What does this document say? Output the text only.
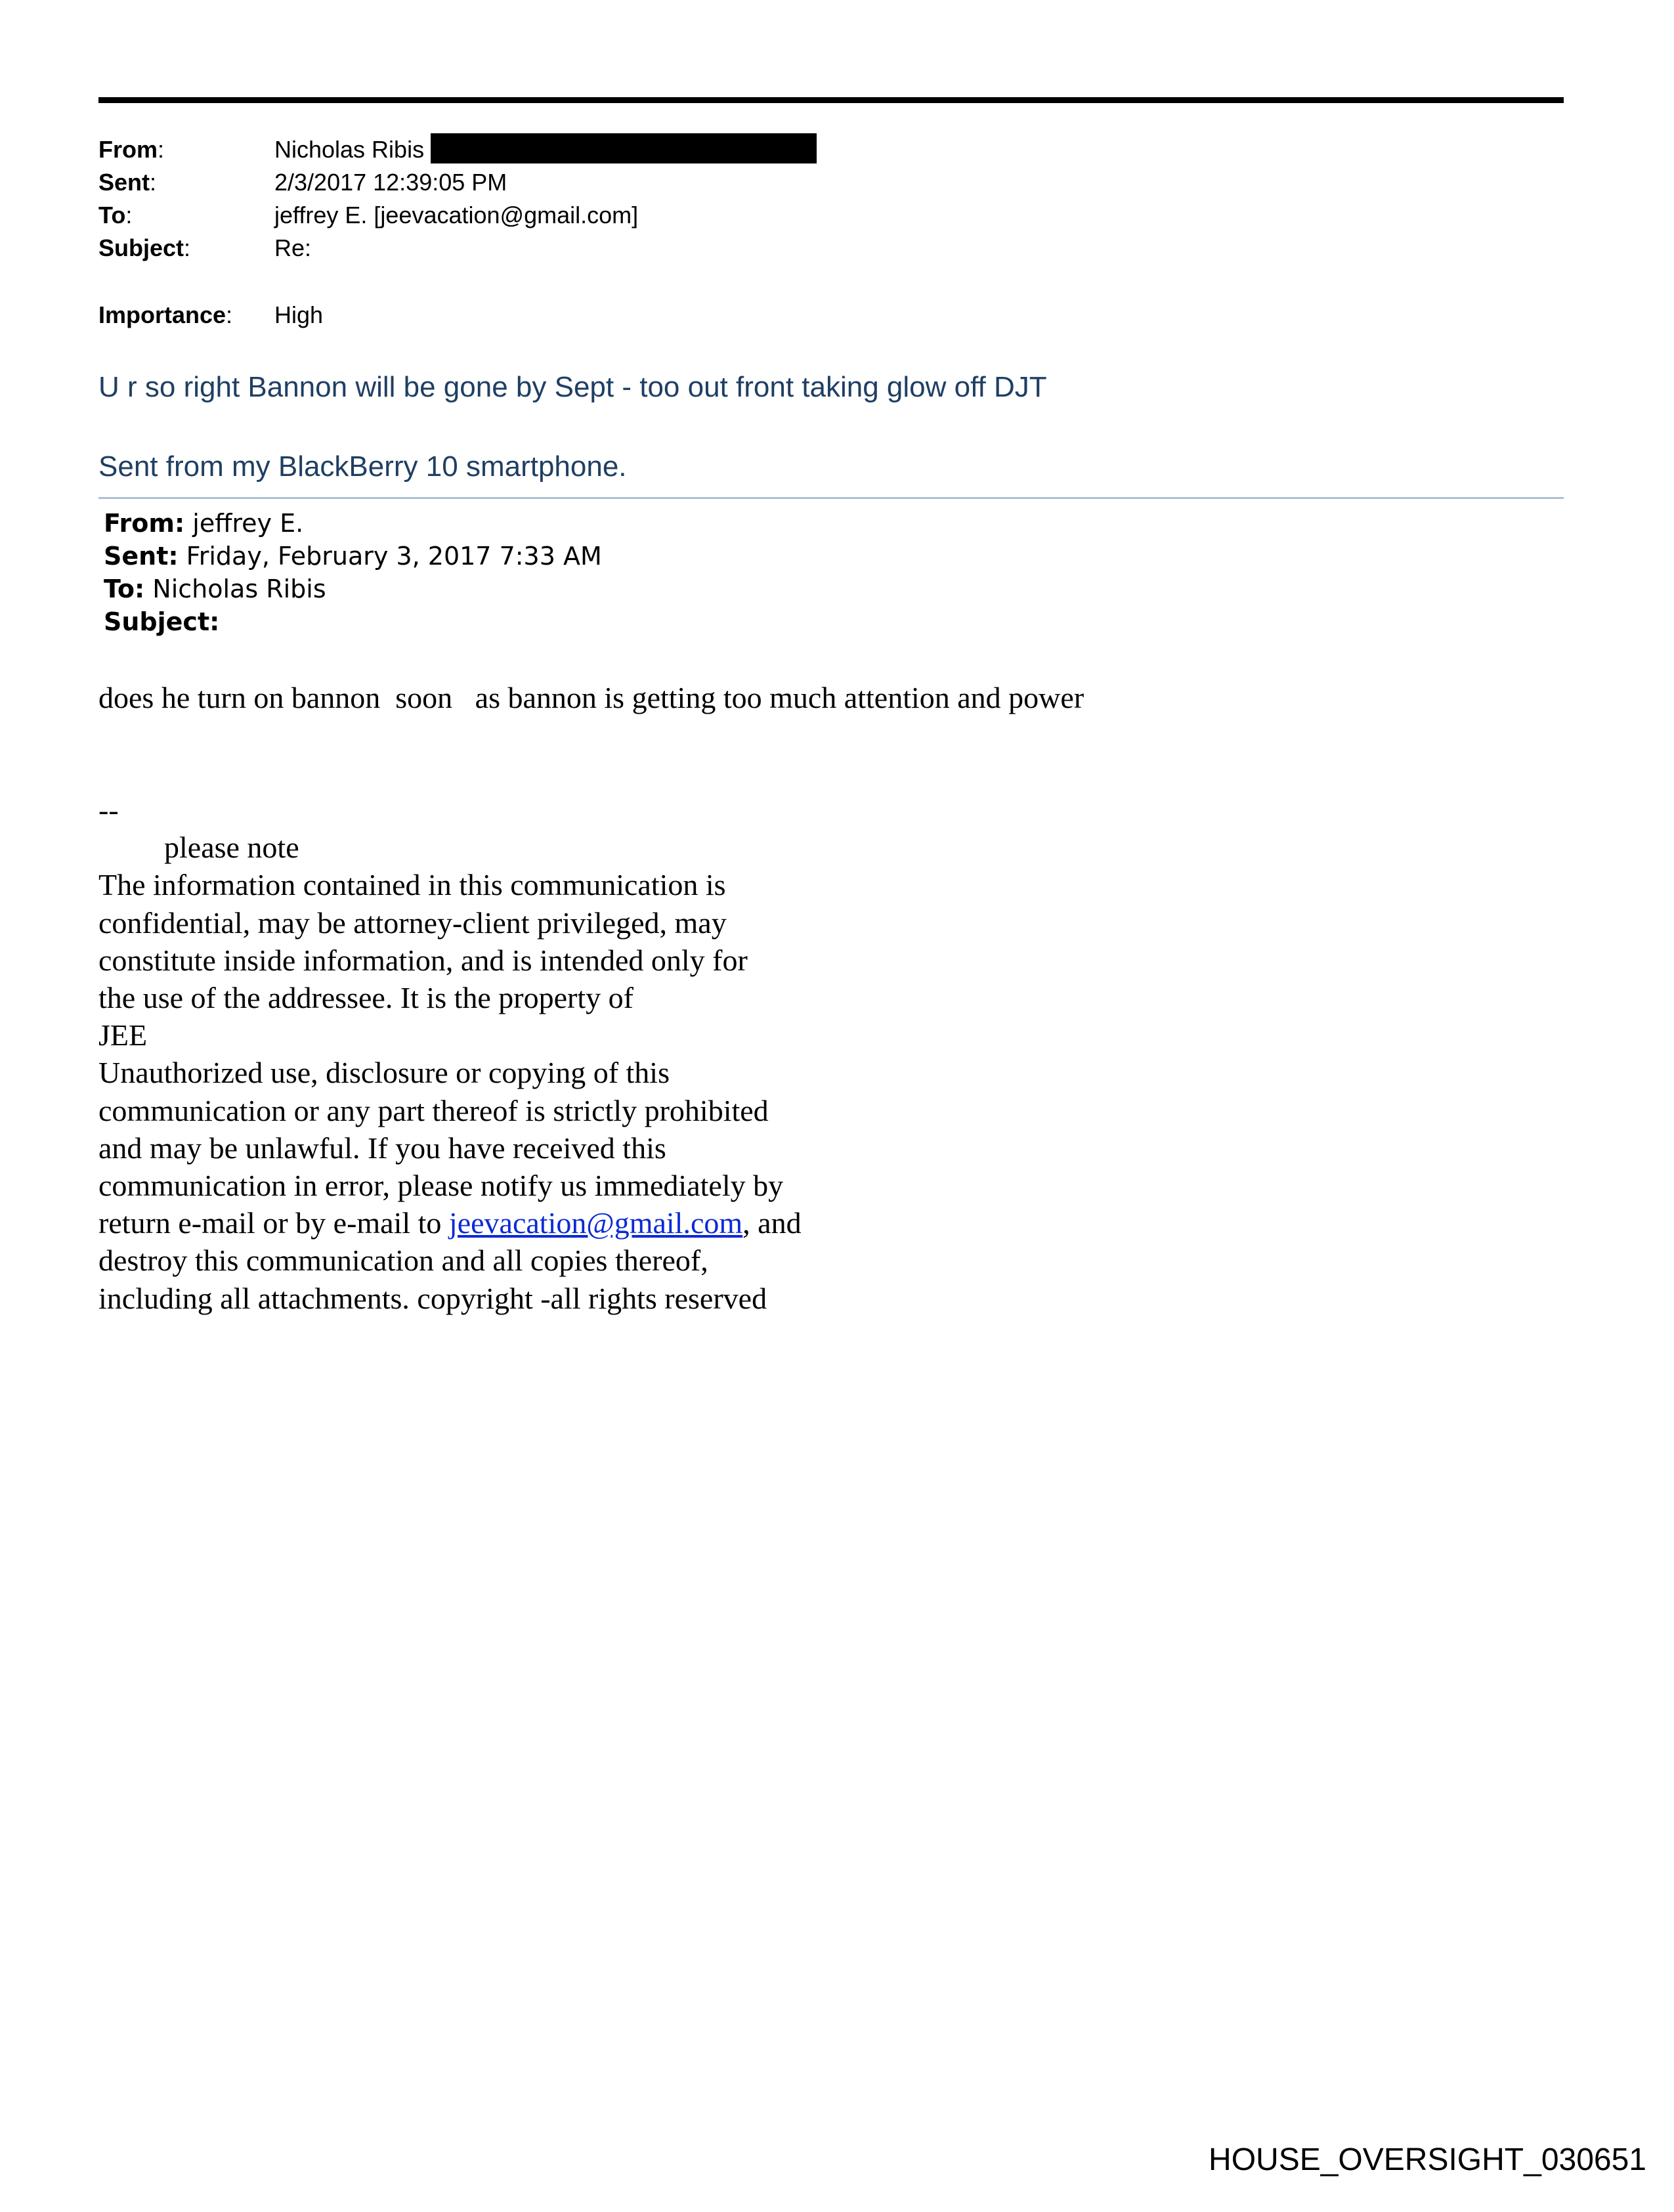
From:	Nicholas Ribis
Sent:	2/3/2017 12:39:05 PM
To:	jeffrey E. [jeevacation@gmail.com]
Subject:	Re:
Importance: High
U r so right Bannon will be gone by Sept - too out front taking glow off DJT
Sent from my BlackBerry 10 smartphone.
From: jeffrey E.
Sent: Friday, February 3, 2017 7:33 AM
To: Nicholas Ribis
Subject:
does he turn on bannon  soon   as bannon is getting too much attention and power
--
please note
The information contained in this communication is
confidential, may be attorney-client privileged, may
constitute inside information, and is intended only for
the use of the addressee. It is the property of
JEE
Unauthorized use, disclosure or copying of this
communication or any part thereof is strictly prohibited
and may be unlawful. If you have received this
communication in error, please notify us immediately by
return e-mail or by e-mail to jeevacation@gmail.com, and
destroy this communication and all copies thereof,
including all attachments. copyright -all rights reserved
HOUSE_OVERSIGHT_030651
